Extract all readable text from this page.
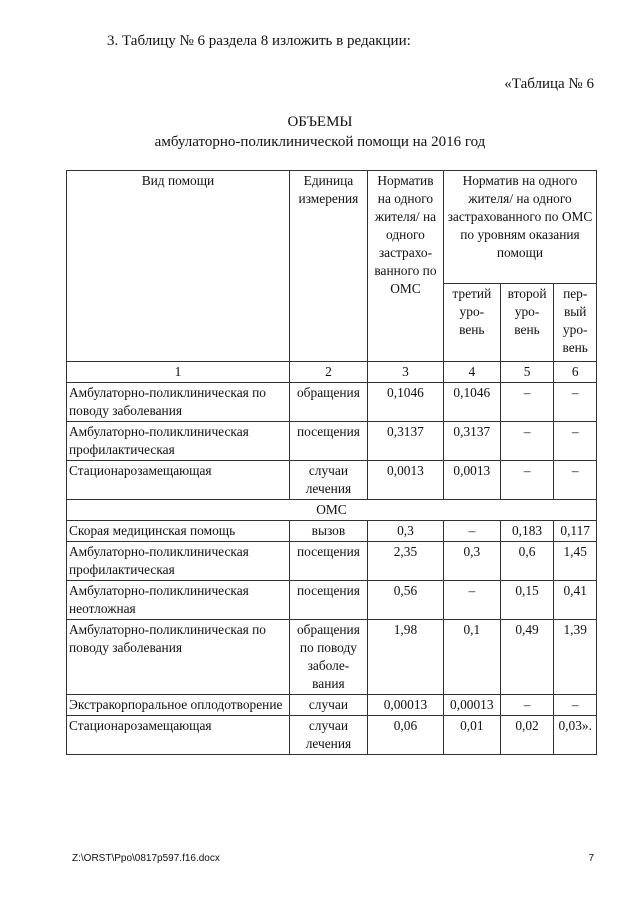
3. Таблицу № 6 раздела 8 изложить в редакции:
«Таблица № 6
ОБЪЕМЫ
амбулаторно-поликлинической помощи на 2016 год
Вид помощи	Единица измерения	Норматив на одного жителя/ на одного застрахо- ванного по ОМС	Норматив на одного жителя/ на одного застрахованного по ОМС по уровням оказания помощи		
			третий уро- вень	второй уро- вень	пер- вый уро- вень
1	2	3	4	5	6
Амбулаторно-поликлиническая по поводу заболевания	обращения	0,1046	0,1046	–	–
Амбулаторно-поликлиническая профилактическая	посещения	0,3137	0,3137	–	–
Стационарозамещающая	случаи лечения	0,0013	0,0013	–	–
ОМС					
Скорая медицинская помощь	вызов	0,3	–	0,183	0,117
Амбулаторно-поликлиническая профилактическая	посещения	2,35	0,3	0,6	1,45
Амбулаторно-поликлиническая неотложная	посещения	0,56	–	0,15	0,41
Амбулаторно-поликлиническая по поводу заболевания	обращения по поводу заболе- вания	1,98	0,1	0,49	1,39
Экстракорпоральное оплодотворение	случаи	0,00013	0,00013	–	–
Стационарозамещающая	случаи лечения	0,06	0,01	0,02	0,03».
Z:\ORST\Ppo\0817p597.f16.docx	7
